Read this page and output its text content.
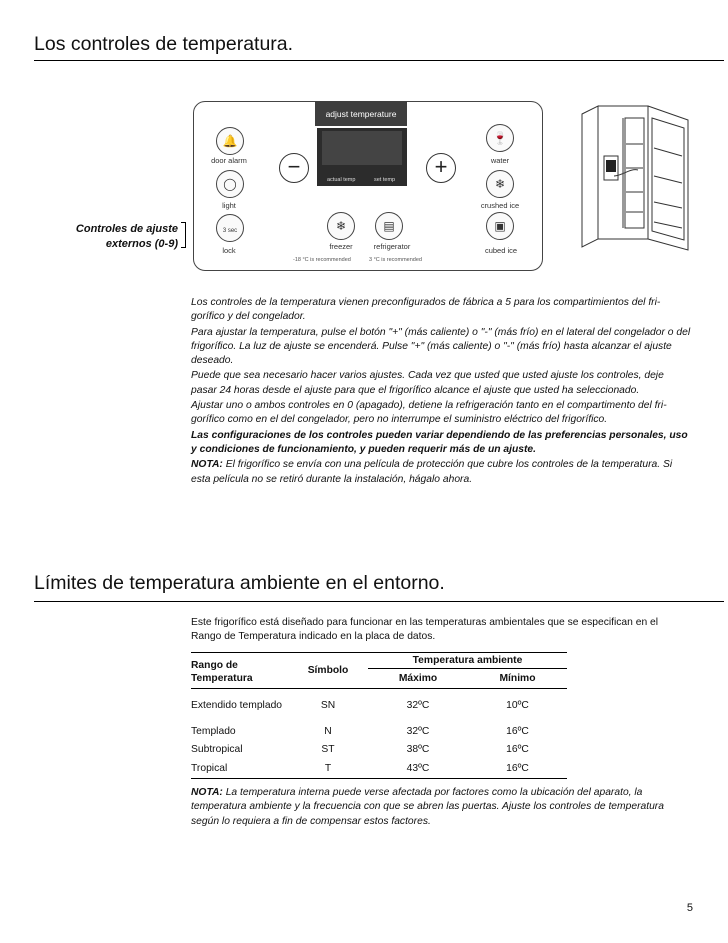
Los controles de temperatura.
Controles de ajuste
externos (0-9)
adjust temperature
actual temp	set temp
🔔
door alarm
◯
light
3 sec
lock
−	+
❄
freezer
▤
refrigerator
-18 °C is recommended	3 °C is recommended
🍷
water
❄
crushed ice
▣
cubed ice

Los controles de la temperatura vienen preconfigurados de fábrica a 5 para los compartimientos del fri-gorífico y del congelador.

Para ajustar la temperatura, pulse el botón "+" (más caliente) o "-" (más frío) en el lateral del congelador o del frigorífico. La luz de ajuste se encenderá. Pulse "+" (más caliente) o "-" (más frío) hasta alcanzar el ajuste deseado.

Puede que sea necesario hacer varios ajustes. Cada vez que usted que usted ajuste los controles, deje pasar 24 horas desde el ajuste para que el frigorífico alcance el ajuste que usted ha seleccionado.

Ajustar uno o ambos controles en 0 (apagado), detiene la refrigeración tanto en el compartimento del fri-gorífico como en el del congelador, pero no interrumpe el suministro eléctrico del frigorífico.

Las configuraciones de los controles pueden variar dependiendo de las preferencias personales, uso y condiciones de funcionamiento, y pueden requerir más de un ajuste.

NOTA: El frigorífico se envía con una película de protección que cubre los controles de la temperatura. Si esta película no se retiró durante la instalación, hágalo ahora.

Límites de temperatura ambiente en el entorno.
Este frigorífico está diseñado para funcionar en las temperaturas ambientales que se especifican en el Rango de Temperatura indicado en la placa de datos.
Rango de Temperatura	Símbolo	Temperatura ambiente	
		Máximo	Mínimo
Extendido templado	SN	32ºC	10ºC
Templado	N	32ºC	16ºC
Subtropical	ST	38ºC	16ºC
Tropical	T	43ºC	16ºC
NOTA: La temperatura interna puede verse afectada por factores como la ubicación del aparato, la temperatura ambiente y la frecuencia con que se abren las puertas. Ajuste los controles de temperatura según lo requiera a fin de compensar estos factores.
5
